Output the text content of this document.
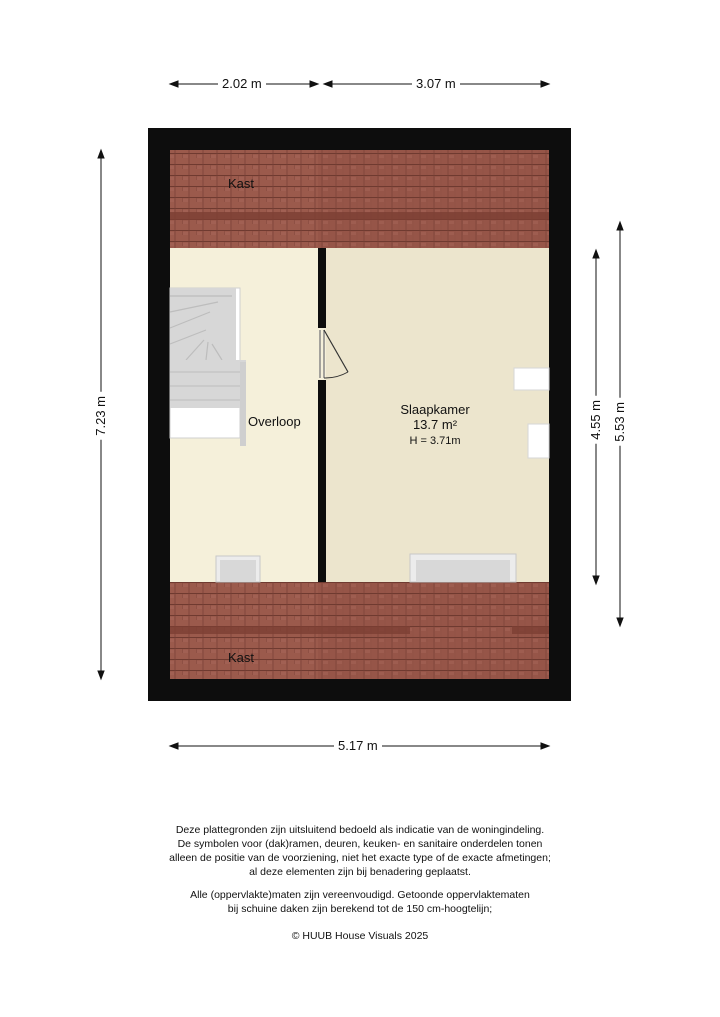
2.02 m	3.07 m
5.17 m
7.23 m	4.55 m 5.53 m
Kast
Kast
Overloop
Slaapkamer
13.7 m²
H = 3.71m
Deze plattegronden zijn uitsluitend bedoeld als indicatie van de woningindeling.
De symbolen voor (dak)ramen, deuren, keuken- en sanitaire onderdelen tonen
alleen de positie van de voorziening, niet het exacte type of de exacte afmetingen;
al deze elementen zijn bij benadering geplaatst.
Alle (oppervlakte)maten zijn vereenvoudigd. Getoonde oppervlaktematen
bij schuine daken zijn berekend tot de 150 cm-hoogtelijn;
© HUUB House Visuals 2025
